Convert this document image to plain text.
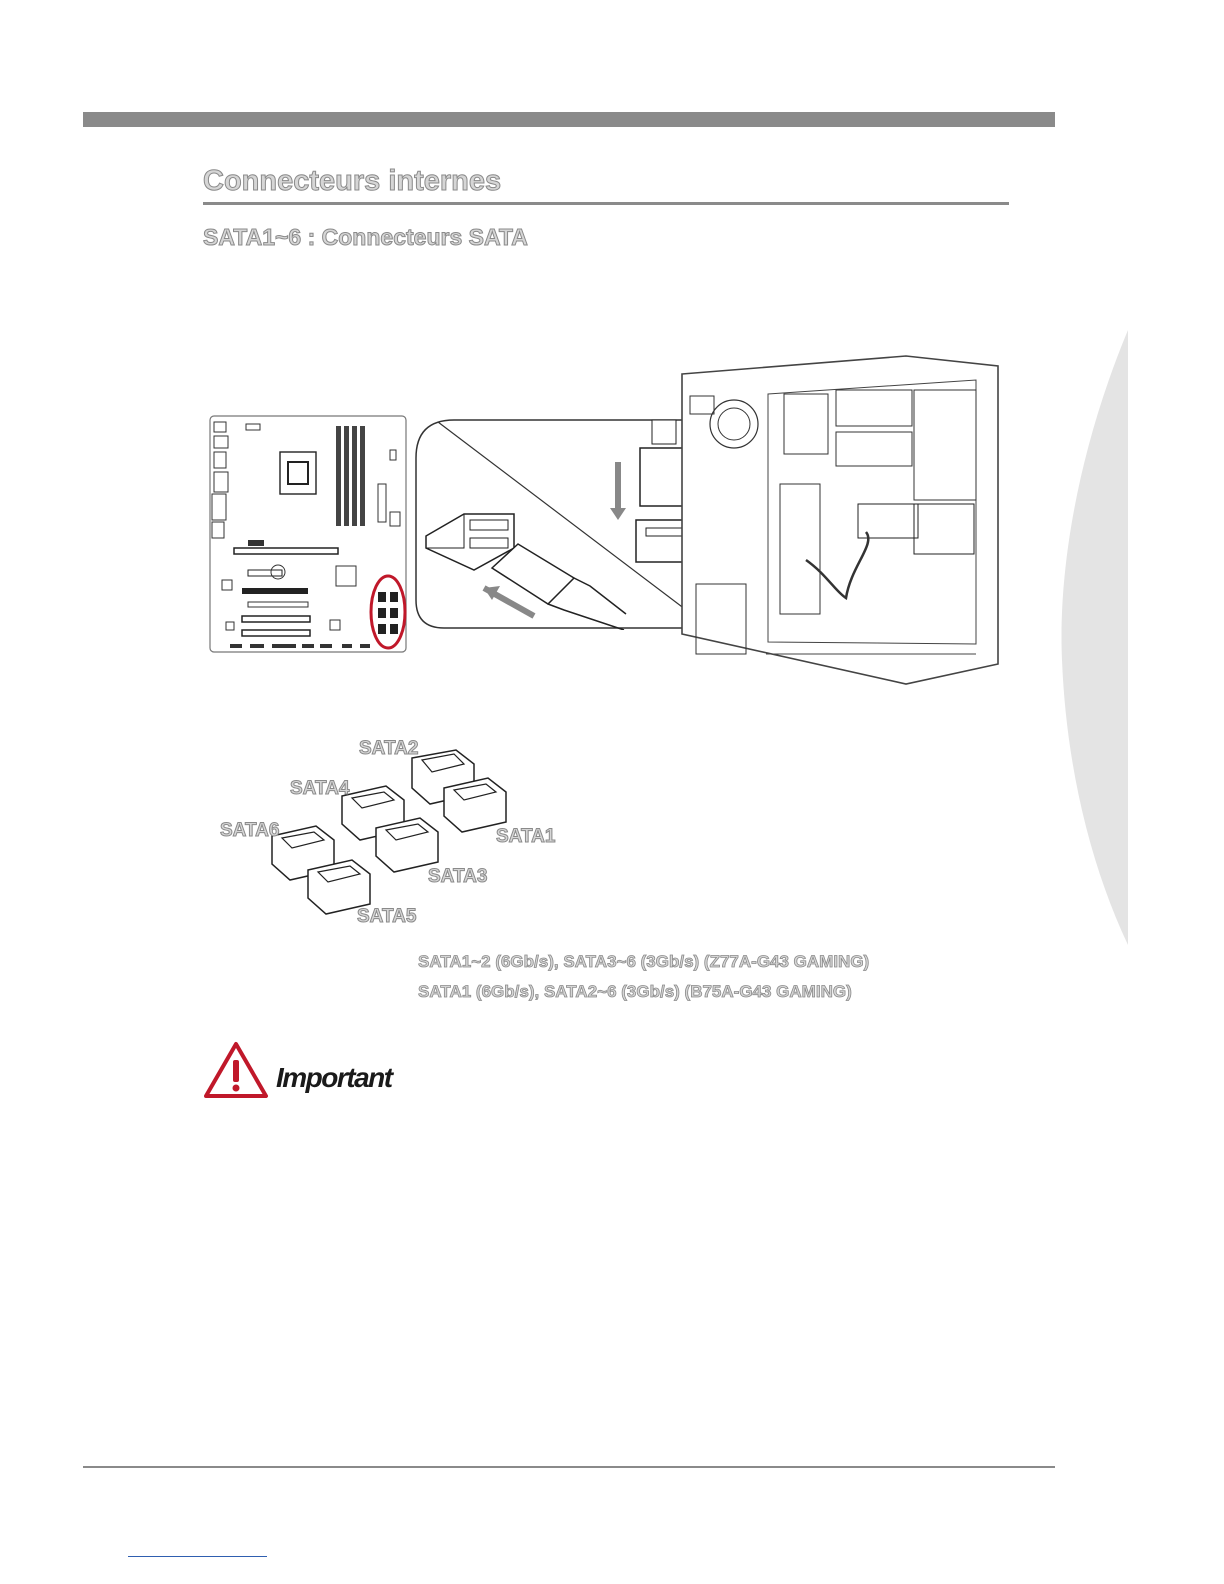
Connecteurs internes
SATA1~6 : Connecteurs SATA
SATA2
SATA4
SATA6	SATA1
SATA3
SATA5
SATA1~2 (6Gb/s), SATA3~6 (3Gb/s) (Z77A-G43 GAMING)
SATA1 (6Gb/s), SATA2~6 (3Gb/s) (B75A-G43 GAMING)
Important
